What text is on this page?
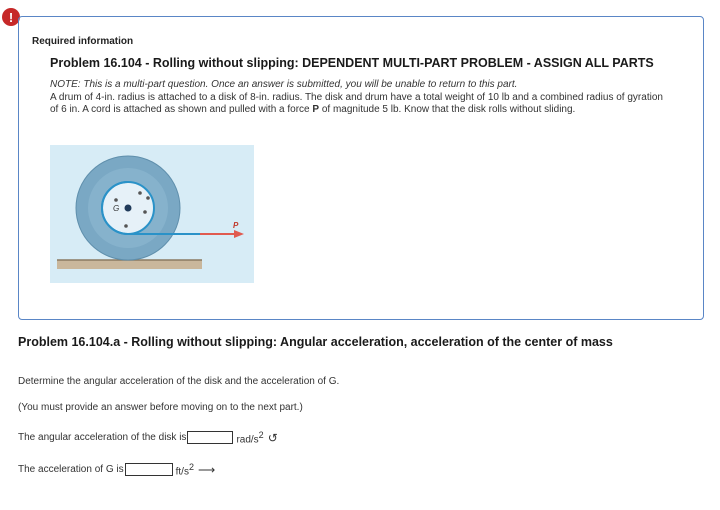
!
Required information
Problem 16.104 - Rolling without slipping: DEPENDENT MULTI-PART PROBLEM - ASSIGN ALL PARTS
NOTE: This is a multi-part question. Once an answer is submitted, you will be unable to return to this part.
A drum of 4-in. radius is attached to a disk of 8-in. radius. The disk and drum have a total weight of 10 lb and a combined radius of gyration of 6 in. A cord is attached as shown and pulled with a force P of magnitude 5 lb. Know that the disk rolls without sliding.
P
G
Problem 16.104.a - Rolling without slipping: Angular acceleration, acceleration of the center of mass
Determine the angular acceleration of the disk and the acceleration of G.
(You must provide an answer before moving on to the next part.)
The angular acceleration of the disk is	rad/$s^2$ ↺
The acceleration of G is	$ft/s^2$ ⟶
